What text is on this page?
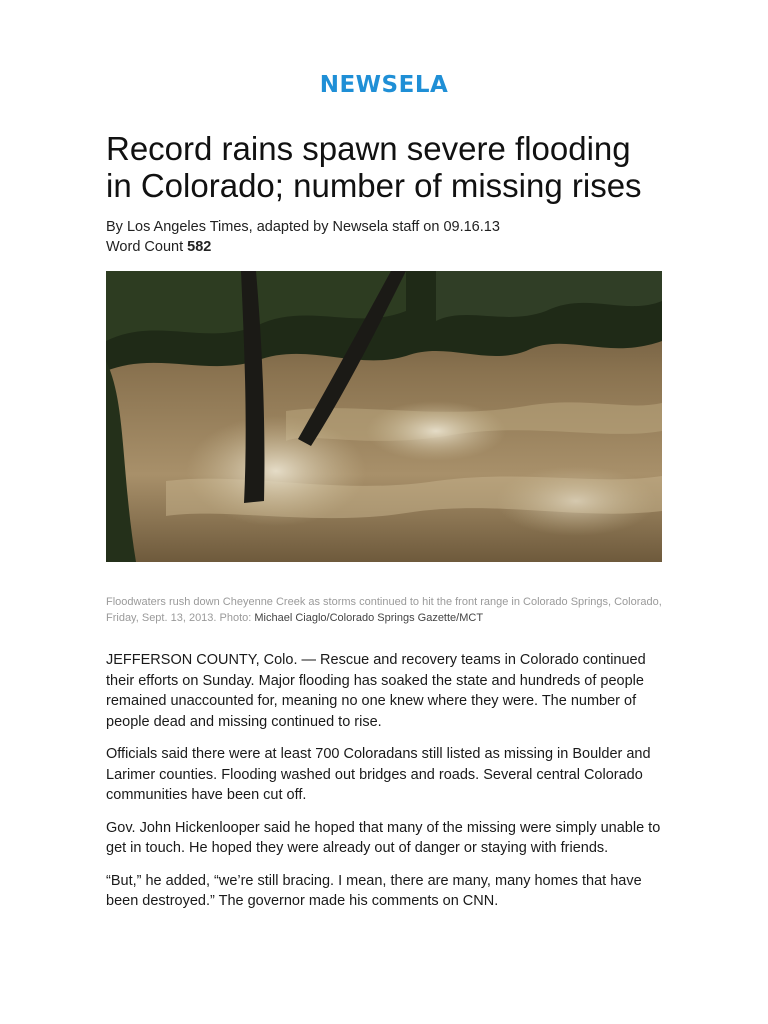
NEWSELA
Record rains spawn severe flooding in Colorado; number of missing rises
By Los Angeles Times, adapted by Newsela staff on 09.16.13
Word Count 582
Floodwaters rush down Cheyenne Creek as storms continued to hit the front range in Colorado Springs, Colorado, Friday, Sept. 13, 2013. Photo: Michael Ciaglo/Colorado Springs Gazette/MCT

JEFFERSON COUNTY, Colo. — Rescue and recovery teams in Colorado continued their efforts on Sunday. Major flooding has soaked the state and hundreds of people remained unaccounted for, meaning no one knew where they were. The number of people dead and missing continued to rise.

Officials said there were at least 700 Coloradans still listed as missing in Boulder and Larimer counties. Flooding washed out bridges and roads. Several central Colorado communities have been cut off.

Gov. John Hickenlooper said he hoped that many of the missing were simply unable to get in touch. He hoped they were already out of danger or staying with friends.

“But,” he added, “we’re still bracing. I mean, there are many, many homes that have been destroyed.” The governor made his comments on CNN.
